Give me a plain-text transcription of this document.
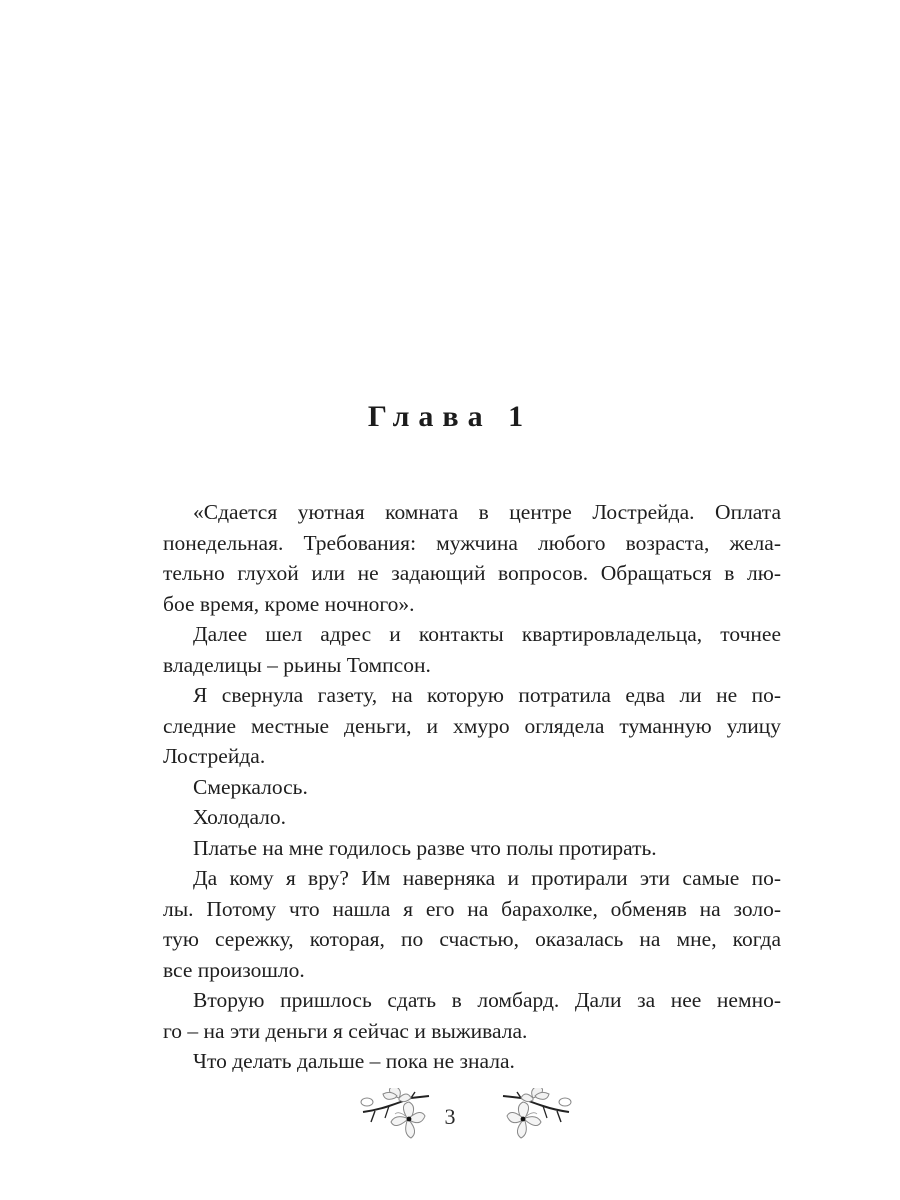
Глава 1
«Сдается уютная комната в центре Лострейда. Оплата
понедельная. Требования: мужчина любого возраста, жела-
тельно глухой или не задающий вопросов. Обращаться в лю-
бое время, кроме ночного».
Далее шел адрес и контакты квартировладельца, точнее
владелицы – рьины Томпсон.
Я свернула газету, на которую потратила едва ли не по-
следние местные деньги, и хмуро оглядела туманную улицу
Лострейда.
Смеркалось.
Холодало.
Платье на мне годилось разве что полы протирать.
Да кому я вру? Им наверняка и протирали эти самые по-
лы. Потому что нашла я его на барахолке, обменяв на золо-
тую сережку, которая, по счастью, оказалась на мне, когда
все произошло.
Вторую пришлось сдать в ломбард. Дали за нее немно-
го – на эти деньги я сейчас и выживала.
Что делать дальше – пока не знала.
3
